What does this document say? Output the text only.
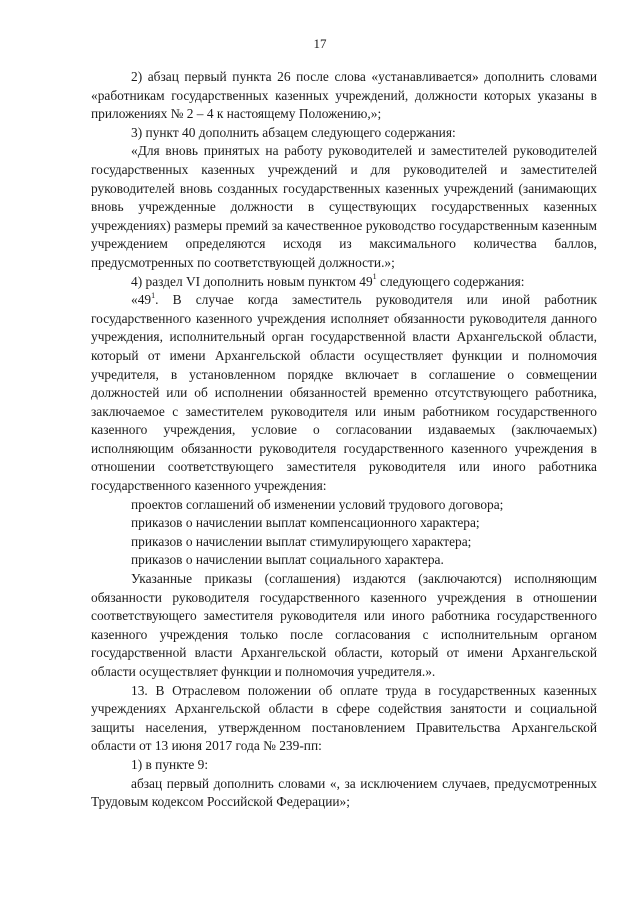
17

2) абзац первый пункта 26 после слова «устанавливается» дополнить словами «работникам государственных казенных учреждений, должности которых указаны в приложениях № 2 – 4 к настоящему Положению,»;

3) пункт 40 дополнить абзацем следующего содержания:

«Для вновь принятых на работу руководителей и заместителей руководителей государственных казенных учреждений и для руководителей и заместителей руководителей вновь созданных государственных казенных учреждений (занимающих вновь учрежденные должности в существующих государственных казенных учреждениях) размеры премий за качественное руководство государственным казенным учреждением определяются исходя из максимального количества баллов, предусмотренных по соответствующей должности.»;

4) раздел VI дополнить новым пунктом $49^1$ следующего содержания:

«$49^1$. В случае когда заместитель руководителя или иной работник государственного казенного учреждения исполняет обязанности руководителя данного учреждения, исполнительный орган государственной власти Архангельской области, который от имени Архангельской области осуществляет функции и полномочия учредителя, в установленном порядке включает в соглашение о совмещении должностей или об исполнении обязанностей временно отсутствующего работника, заключаемое с заместителем руководителя или иным работником государственного казенного учреждения, условие о согласовании издаваемых (заключаемых) исполняющим обязанности руководителя государственного казенного учреждения в отношении соответствующего заместителя руководителя или иного работника государственного казенного учреждения:

проектов соглашений об изменении условий трудового договора;

приказов о начислении выплат компенсационного характера;

приказов о начислении выплат стимулирующего характера;

приказов о начислении выплат социального характера.

Указанные приказы (соглашения) издаются (заключаются) исполняющим обязанности руководителя государственного казенного учреждения в отношении соответствующего заместителя руководителя или иного работника государственного казенного учреждения только после согласования с исполнительным органом государственной власти Архангельской области, который от имени Архангельской области осуществляет функции и полномочия учредителя.».

13. В Отраслевом положении об оплате труда в государственных казенных учреждениях Архангельской области в сфере содействия занятости и социальной защиты населения, утвержденном постановлением Правительства Архангельской области от 13 июня 2017 года № 239-пп:

1) в пункте 9:

абзац первый дополнить словами «, за исключением случаев, предусмотренных Трудовым кодексом Российской Федерации»;
